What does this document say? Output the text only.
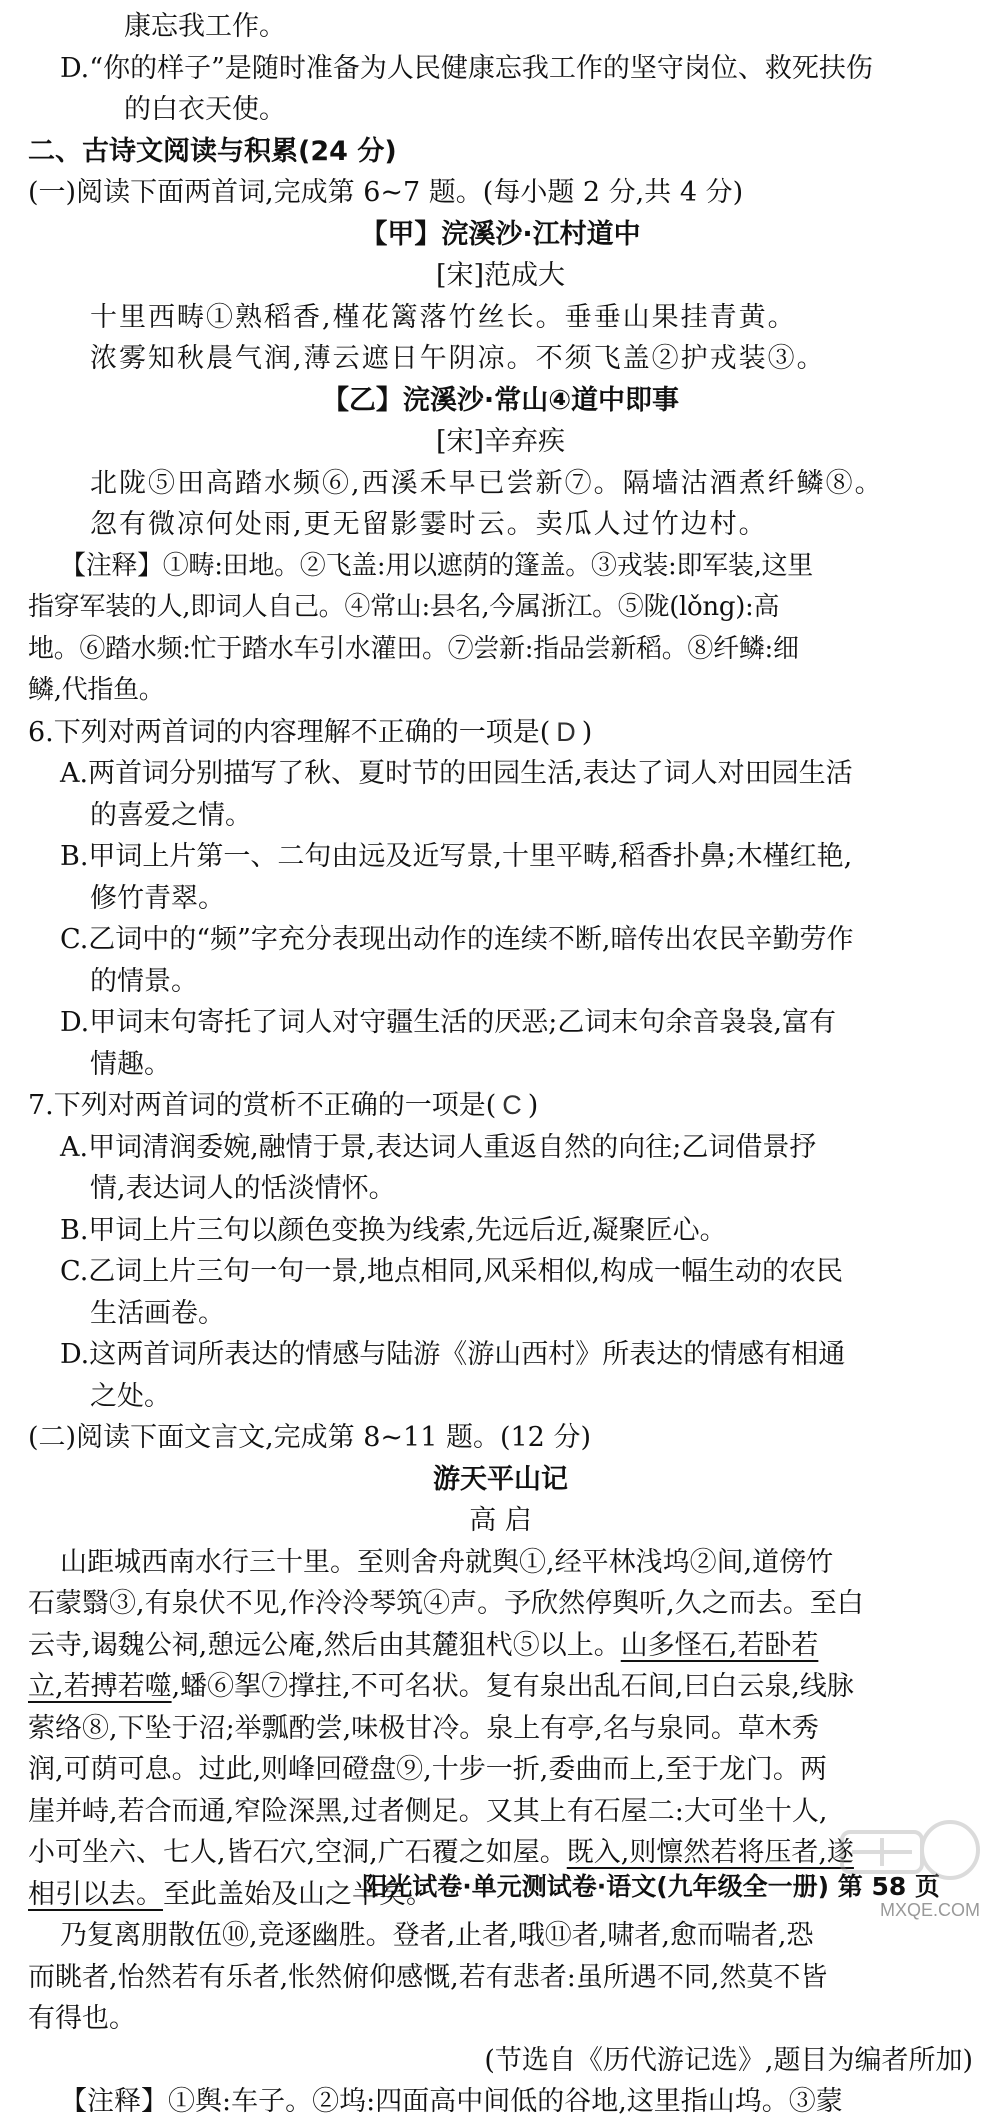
康忘我工作。
D.“你的样子”是随时准备为人民健康忘我工作的坚守岗位、救死扶伤
的白衣天使。
二、古诗文阅读与积累(24 分)
(一)阅读下面两首词,完成第 6~7 题。(每小题 2 分,共 4 分)
【甲】浣溪沙·江村道中
[宋]范成大
十里西畴①熟稻香,槿花篱落竹丝长。垂垂山果挂青黄。
浓雾知秋晨气润,薄云遮日午阴凉。不须飞盖②护戎装③。
【乙】浣溪沙·常山④道中即事
[宋]辛弃疾
北陇⑤田高踏水频⑥,西溪禾早已尝新⑦。隔墙沽酒煮纤鳞⑧。
忽有微凉何处雨,更无留影霎时云。卖瓜人过竹边村。
【注释】①畴:田地。②飞盖:用以遮荫的篷盖。③戎装:即军装,这里
指穿军装的人,即词人自己。④常山:县名,今属浙江。⑤陇(lǒng):高
地。⑥踏水频:忙于踏水车引水灌田。⑦尝新:指品尝新稻。⑧纤鳞:细
鳞,代指鱼。
6.下列对两首词的内容理解不正确的一项是( D )
A.两首词分别描写了秋、夏时节的田园生活,表达了词人对田园生活
的喜爱之情。
B.甲词上片第一、二句由远及近写景,十里平畴,稻香扑鼻;木槿红艳,
修竹青翠。
C.乙词中的“频”字充分表现出动作的连续不断,暗传出农民辛勤劳作
的情景。
D.甲词末句寄托了词人对守疆生活的厌恶;乙词末句余音袅袅,富有
情趣。
7.下列对两首词的赏析不正确的一项是( C )
A.甲词清润委婉,融情于景,表达词人重返自然的向往;乙词借景抒
情,表达词人的恬淡情怀。
B.甲词上片三句以颜色变换为线索,先远后近,凝聚匠心。
C.乙词上片三句一句一景,地点相同,风采相似,构成一幅生动的农民
生活画卷。
D.这两首词所表达的情感与陆游《游山西村》所表达的情感有相通
之处。
(二)阅读下面文言文,完成第 8~11 题。(12 分)
游天平山记
高 启
山距城西南水行三十里。至则舍舟就舆①,经平林浅坞②间,道傍竹
石蒙翳③,有泉伏不见,作泠泠琴筑④声。予欣然停舆听,久之而去。至白
云寺,谒魏公祠,憩远公庵,然后由其麓狙杙⑤以上。山多怪石,若卧若
立,若搏若噬,蟠⑥挐⑦撑拄,不可名状。复有泉出乱石间,曰白云泉,线脉
萦络⑧,下坠于沼;举瓢酌尝,味极甘冷。泉上有亭,名与泉同。草木秀
润,可荫可息。过此,则峰回磴盘⑨,十步一折,委曲而上,至于龙门。两
崖并峙,若合而通,窄险深黑,过者侧足。又其上有石屋二:大可坐十人,
小可坐六、七人,皆石穴,空洞,广石覆之如屋。既入,则懔然若将压者,遂
相引以去。至此盖始及山之半矣。
乃复离朋散伍⑩,竞逐幽胜。登者,止者,哦⑪者,啸者,愈而喘者,恐
而眺者,怡然若有乐者,怅然俯仰感慨,若有悲者:虽所遇不同,然莫不皆
有得也。
(节选自《历代游记选》,题目为编者所加)
【注释】①舆:车子。②坞:四面高中间低的谷地,这里指山坞。③蒙
阳光试卷·单元测试卷·语文(九年级全一册) 第 58 页
MXQE.COM
